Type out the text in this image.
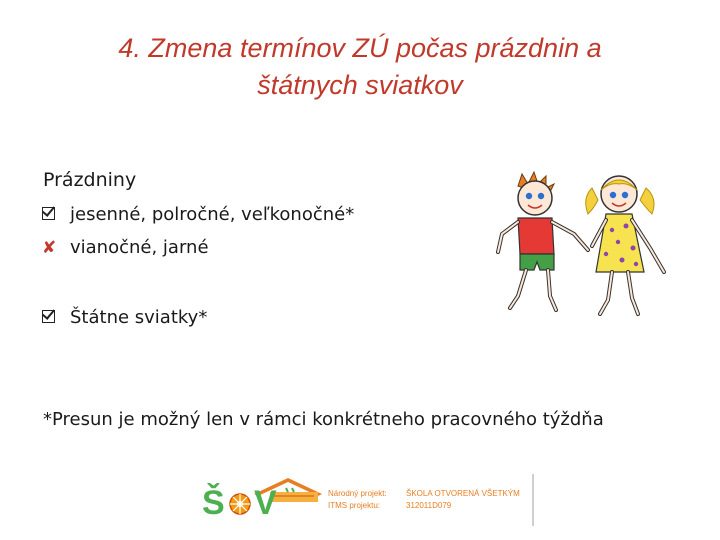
4. Zmena termínov ZÚ počas prázdnin a
štátnych sviatkov
Prázdniny
jesenné, polročné, veľkonočné*
✘ vianočné, jarné
Štátne sviatky*
*Presun je možný len v rámci konkrétneho pracovného týždňa
Š V	Národný projekt:
ITMS projektu:
ŠKOLA OTVORENÁ VŠETKÝM
312011D079
